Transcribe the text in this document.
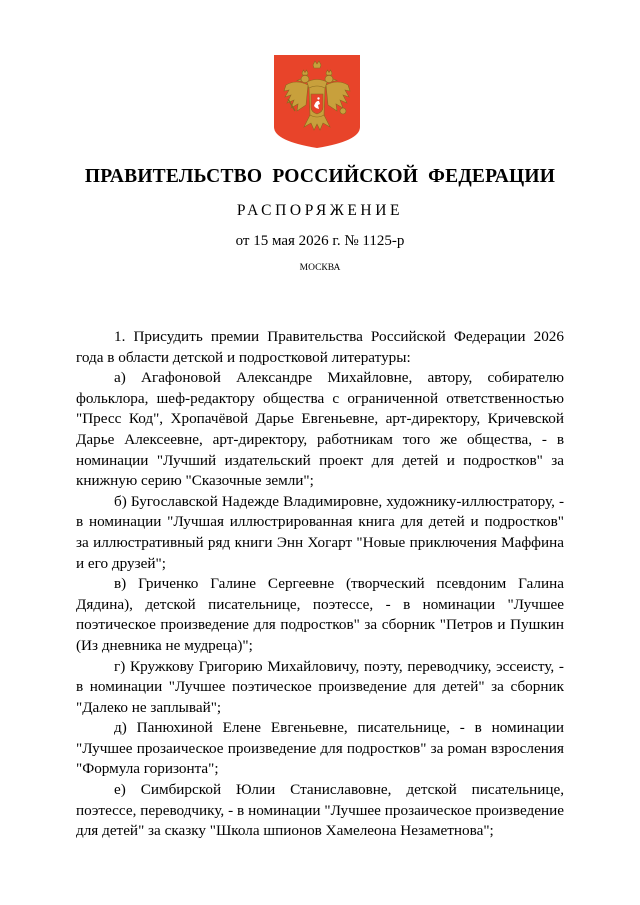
ПРАВИТЕЛЬСТВО РОССИЙСКОЙ ФЕДЕРАЦИИ
РАСПОРЯЖЕНИЕ
от 15 мая 2026 г. № 1125-р
МОСКВА

1. Присудить премии Правительства Российской Федерации 2026 года в области детской и подростковой литературы:

а) Агафоновой Александре Михайловне, автору, собирателю фольклора, шеф-редактору общества с ограниченной ответственностью "Пресс Код", Хропачёвой Дарье Евгеньевне, арт-директору, Кричевской Дарье Алексеевне, арт-директору, работникам того же общества, - в номинации "Лучший издательский проект для детей и подростков" за книжную серию "Сказочные земли";

б) Бугославской Надежде Владимировне, художнику-иллюстратору, - в номинации "Лучшая иллюстрированная книга для детей и подростков" за иллюстративный ряд книги Энн Хогарт "Новые приключения Маффина и его друзей";

в) Гриченко Галине Сергеевне (творческий псевдоним Галина Дядина), детской писательнице, поэтессе, - в номинации "Лучшее поэтическое произведение для подростков" за сборник "Петров и Пушкин (Из дневника не мудреца)";

г) Кружкову Григорию Михайловичу, поэту, переводчику, эссеисту, - в номинации "Лучшее поэтическое произведение для детей" за сборник "Далеко не заплывай";

д) Панюхиной Елене Евгеньевне, писательнице, - в номинации "Лучшее прозаическое произведение для подростков" за роман взросления "Формула горизонта";

е) Симбирской Юлии Станиславовне, детской писательнице, поэтессе, переводчику, - в номинации "Лучшее прозаическое произведение для детей" за сказку "Школа шпионов Хамелеона Незаметнова";
